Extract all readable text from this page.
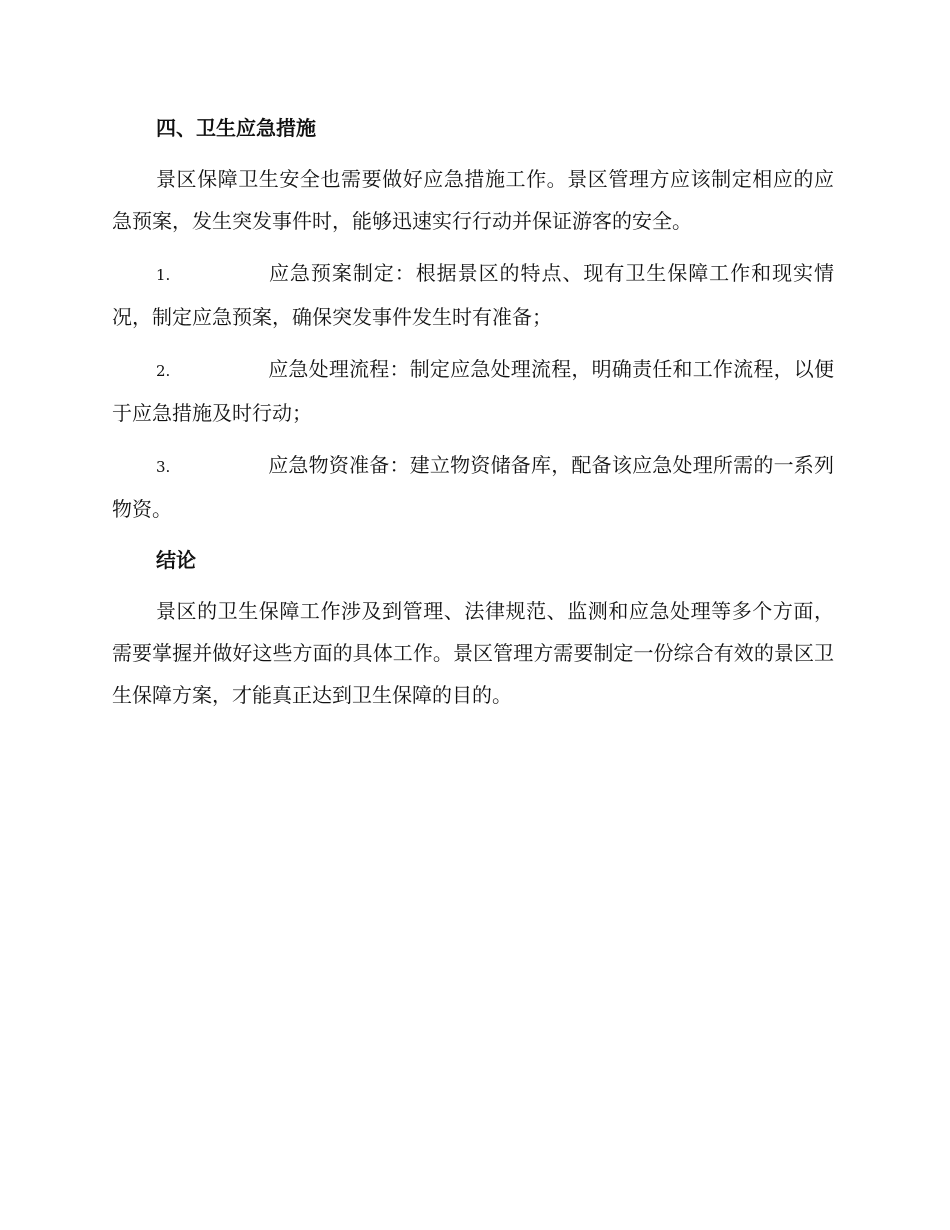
四、卫生应急措施

景区保障卫生安全也需要做好应急措施工作。景区管理方应该制定相应的应急预案，发生突发事件时，能够迅速实行行动并保证游客的安全。

1.	应急预案制定：根据景区的特点、现有卫生保障工作和现实情况，制定应急预案，确保突发事件发生时有准备；

2.	应急处理流程：制定应急处理流程，明确责任和工作流程，以便于应急措施及时行动；

3.	应急物资准备：建立物资储备库，配备该应急处理所需的一系列物资。

结论

景区的卫生保障工作涉及到管理、法律规范、监测和应急处理等多个方面，需要掌握并做好这些方面的具体工作。景区管理方需要制定一份综合有效的景区卫生保障方案，才能真正达到卫生保障的目的。
